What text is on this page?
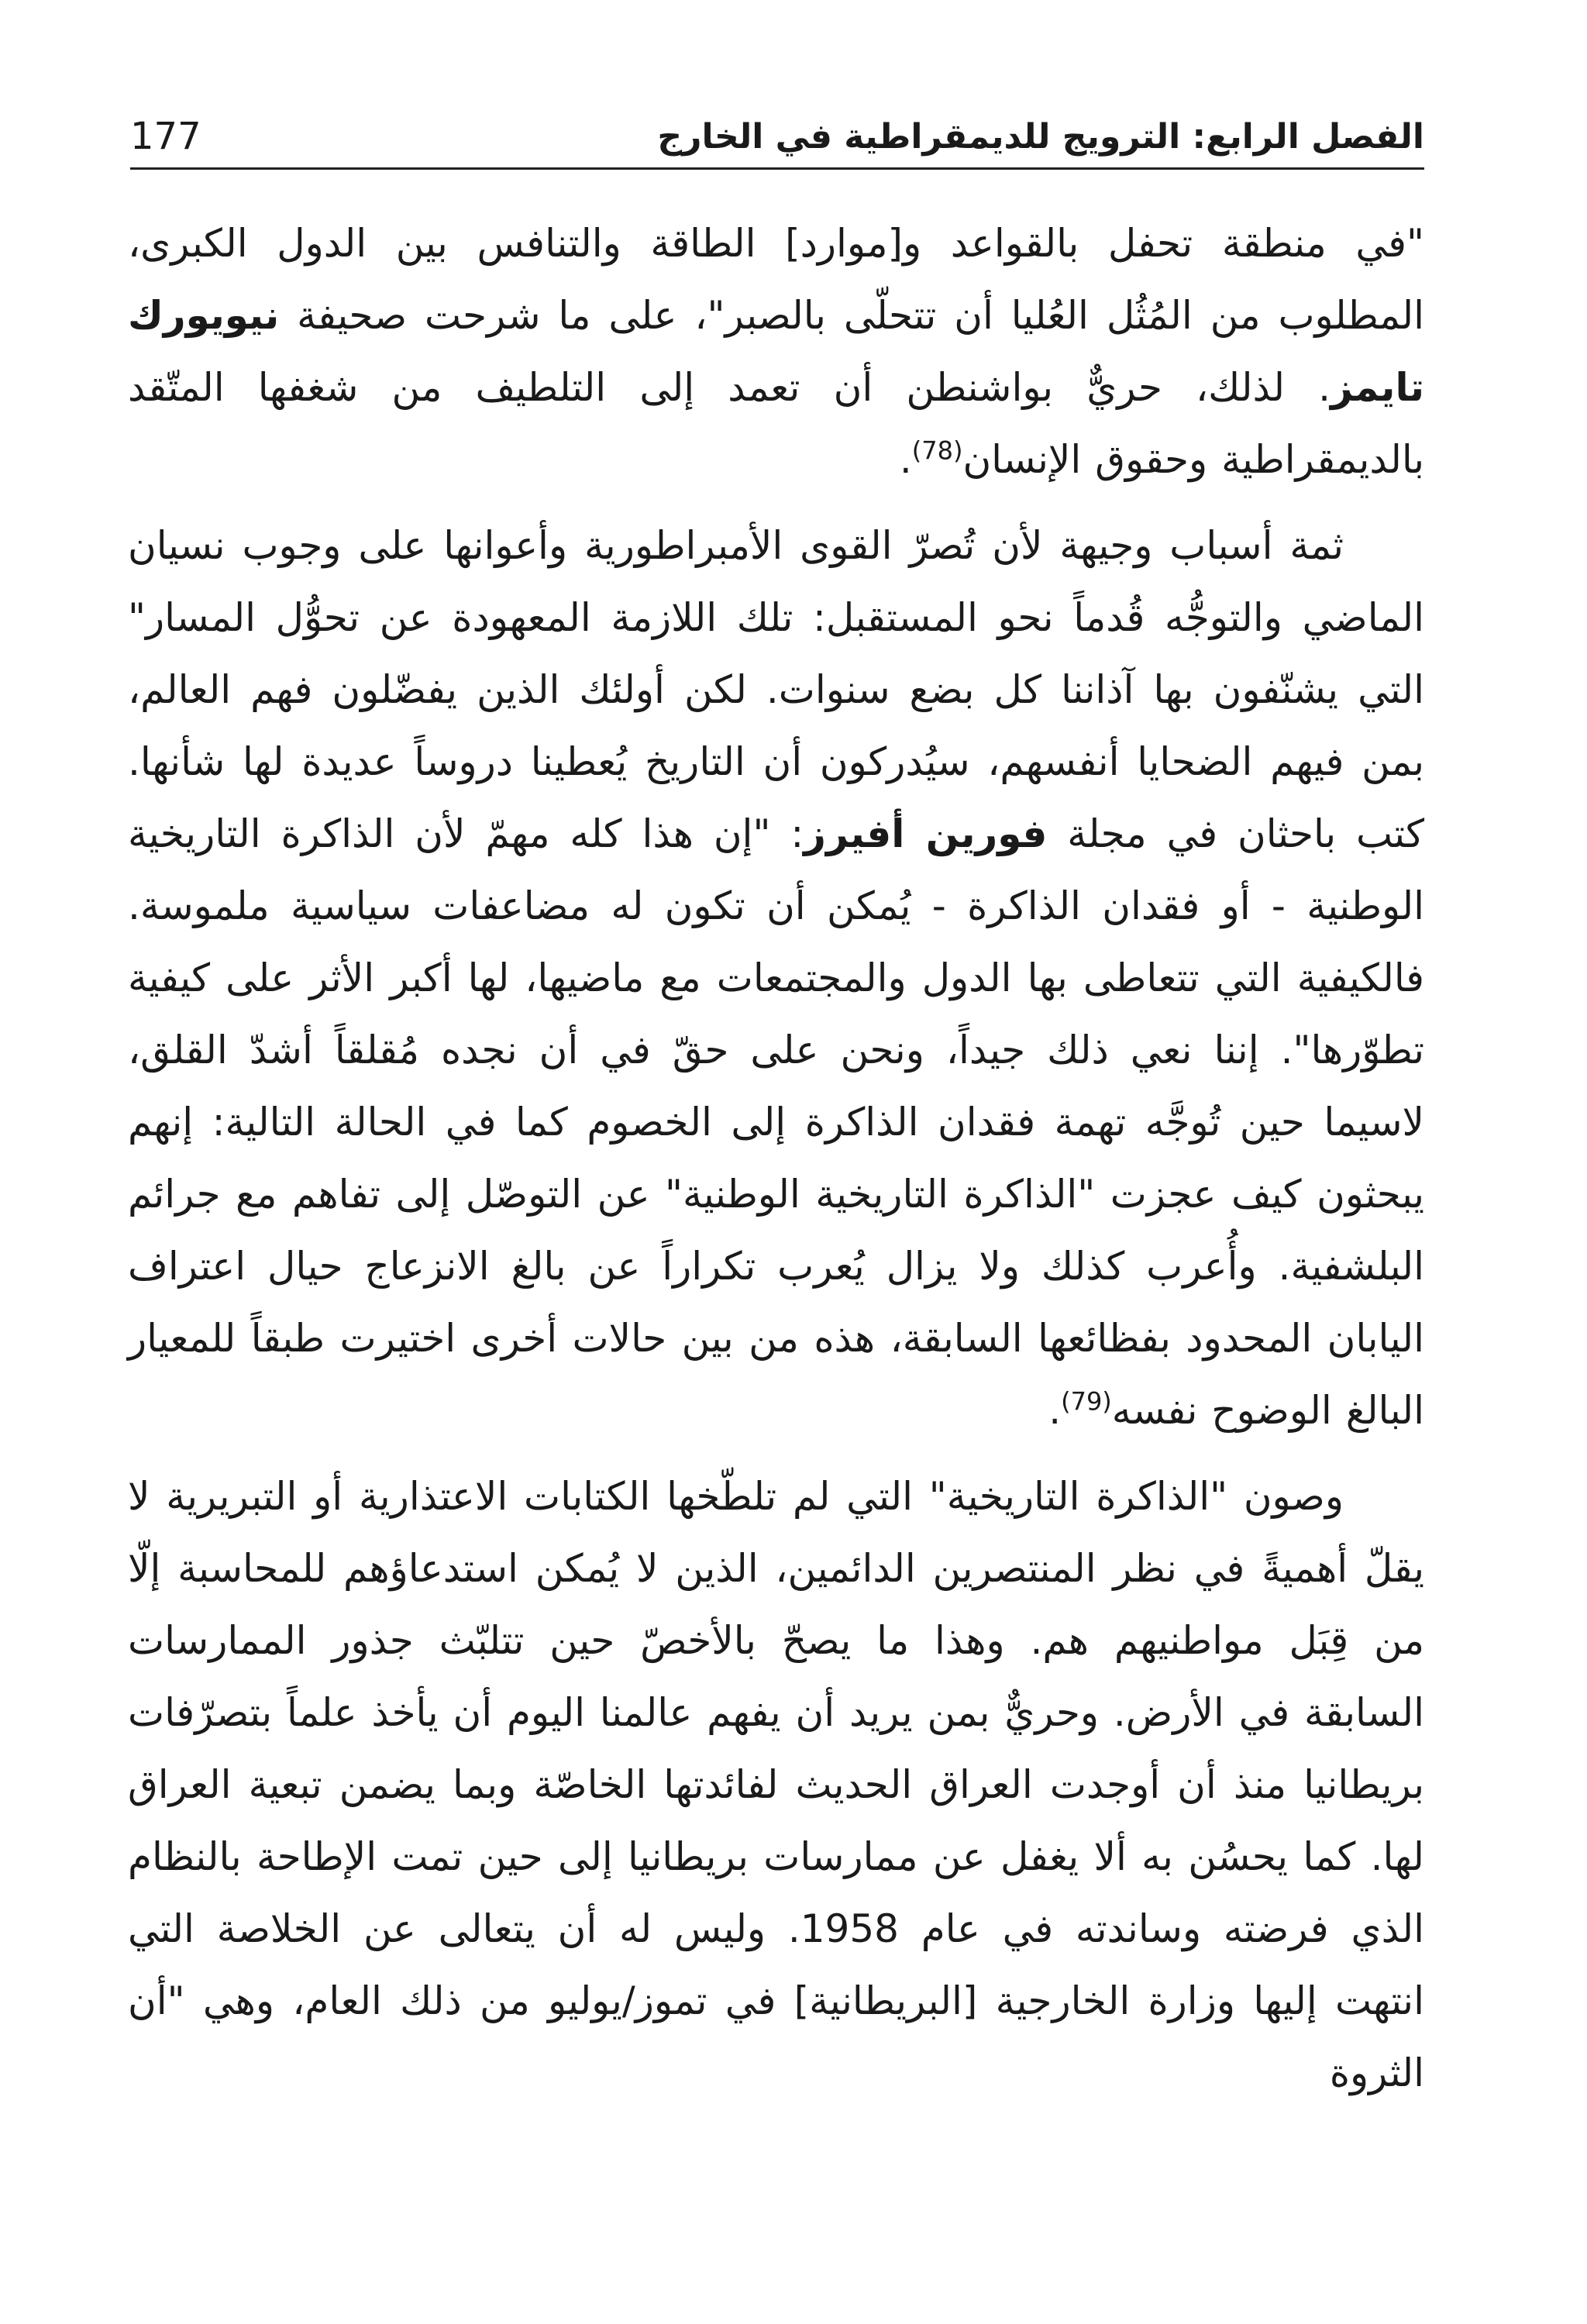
الفصل الرابع: الترويج للديمقراطية في الخارج
177

"في منطقة تحفل بالقواعد و[موارد] الطاقة والتنافس بين الدول الكبرى، المطلوب من المُثُل العُليا أن تتحلّى بالصبر"، على ما شرحت صحيفة نيويورك تايمز. لذلك، حريٌّ بواشنطن أن تعمد إلى التلطيف من شغفها المتّقد بالديمقراطية وحقوق الإنسان$^{(78)}$.

ثمة أسباب وجيهة لأن تُصرّ القوى الأمبراطورية وأعوانها على وجوب نسيان الماضي والتوجُّه قُدماً نحو المستقبل: تلك اللازمة المعهودة عن تحوُّل المسار" التي يشنّفون بها آذاننا كل بضع سنوات. لكن أولئك الذين يفضّلون فهم العالم، بمن فيهم الضحايا أنفسهم، سيُدركون أن التاريخ يُعطينا دروساً عديدة لها شأنها. كتب باحثان في مجلة فورين أفيرز: "إن هذا كله مهمّ لأن الذاكرة التاريخية الوطنية - أو فقدان الذاكرة - يُمكن أن تكون له مضاعفات سياسية ملموسة. فالكيفية التي تتعاطى بها الدول والمجتمعات مع ماضيها، لها أكبر الأثر على كيفية تطوّرها". إننا نعي ذلك جيداً، ونحن على حقّ في أن نجده مُقلقاً أشدّ القلق، لاسيما حين تُوجَّه تهمة فقدان الذاكرة إلى الخصوم كما في الحالة التالية: إنهم يبحثون كيف عجزت "الذاكرة التاريخية الوطنية" عن التوصّل إلى تفاهم مع جرائم البلشفية. وأُعرب كذلك ولا يزال يُعرب تكراراً عن بالغ الانزعاج حيال اعتراف اليابان المحدود بفظائعها السابقة، هذه من بين حالات أخرى اختيرت طبقاً للمعيار البالغ الوضوح نفسه$^{(79)}$.

وصون "الذاكرة التاريخية" التي لم تلطّخها الكتابات الاعتذارية أو التبريرية لا يقلّ أهميةً في نظر المنتصرين الدائمين، الذين لا يُمكن استدعاؤهم للمحاسبة إلّا من قِبَل مواطنيهم هم. وهذا ما يصحّ بالأخصّ حين تتلبّث جذور الممارسات السابقة في الأرض. وحريٌّ بمن يريد أن يفهم عالمنا اليوم أن يأخذ علماً بتصرّفات بريطانيا منذ أن أوجدت العراق الحديث لفائدتها الخاصّة وبما يضمن تبعية العراق لها. كما يحسُن به ألا يغفل عن ممارسات بريطانيا إلى حين تمت الإطاحة بالنظام الذي فرضته وساندته في عام 1958. وليس له أن يتعالى عن الخلاصة التي انتهت إليها وزارة الخارجية [البريطانية] في تموز/يوليو من ذلك العام، وهي "أن الثروة
